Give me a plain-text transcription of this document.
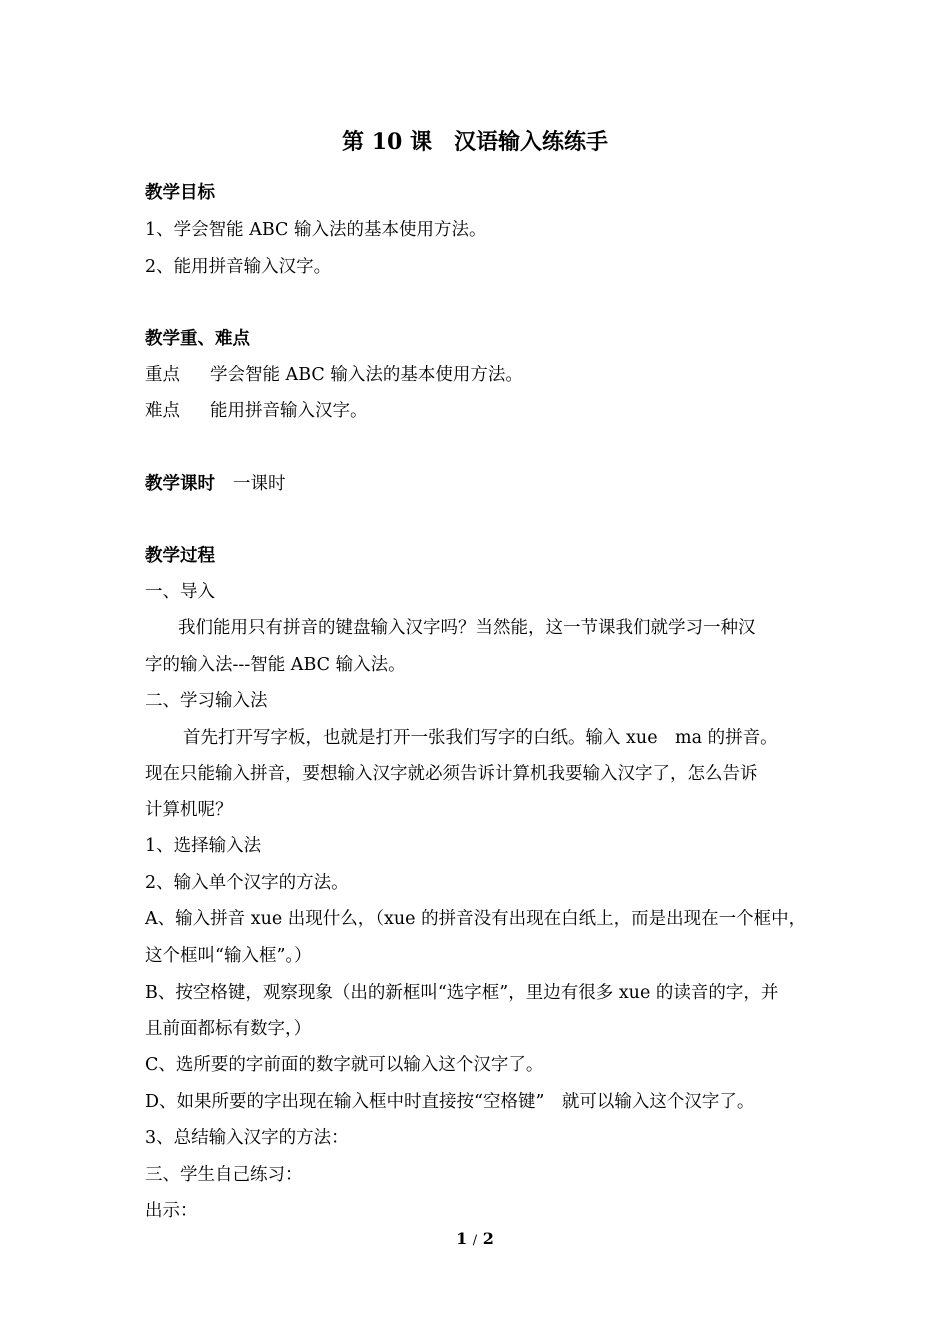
第 10 课　汉语输入练练手
教学目标
1、学会智能 ABC 输入法的基本使用方法。
2、能用拼音输入汉字。
教学重、难点
重点 学会智能 ABC 输入法的基本使用方法。
难点 能用拼音输入汉字。
教学课时 一课时
教学过程
一、导入
我们能用只有拼音的键盘输入汉字吗？当然能，这一节课我们就学习一种汉
字的输入法---智能 ABC 输入法。
二、学习输入法
首先打开写字板，也就是打开一张我们写字的白纸。输入 xue　ma 的拼音。
现在只能输入拼音，要想输入汉字就必须告诉计算机我要输入汉字了，怎么告诉
计算机呢？
1、选择输入法
2、输入单个汉字的方法。
A、输入拼音 xue 出现什么，（xue 的拼音没有出现在白纸上，而是出现在一个框中，
这个框叫“输入框”。）
B、按空格键，观察现象（出的新框叫“选字框”，里边有很多 xue 的读音的字，并
且前面都标有数字，）
C、选所要的字前面的数字就可以输入这个汉字了。
D、如果所要的字出现在输入框中时直接按“空格键”　就可以输入这个汉字了。
3、总结输入汉字的方法：
三、学生自己练习：
出示：
1 / 2
